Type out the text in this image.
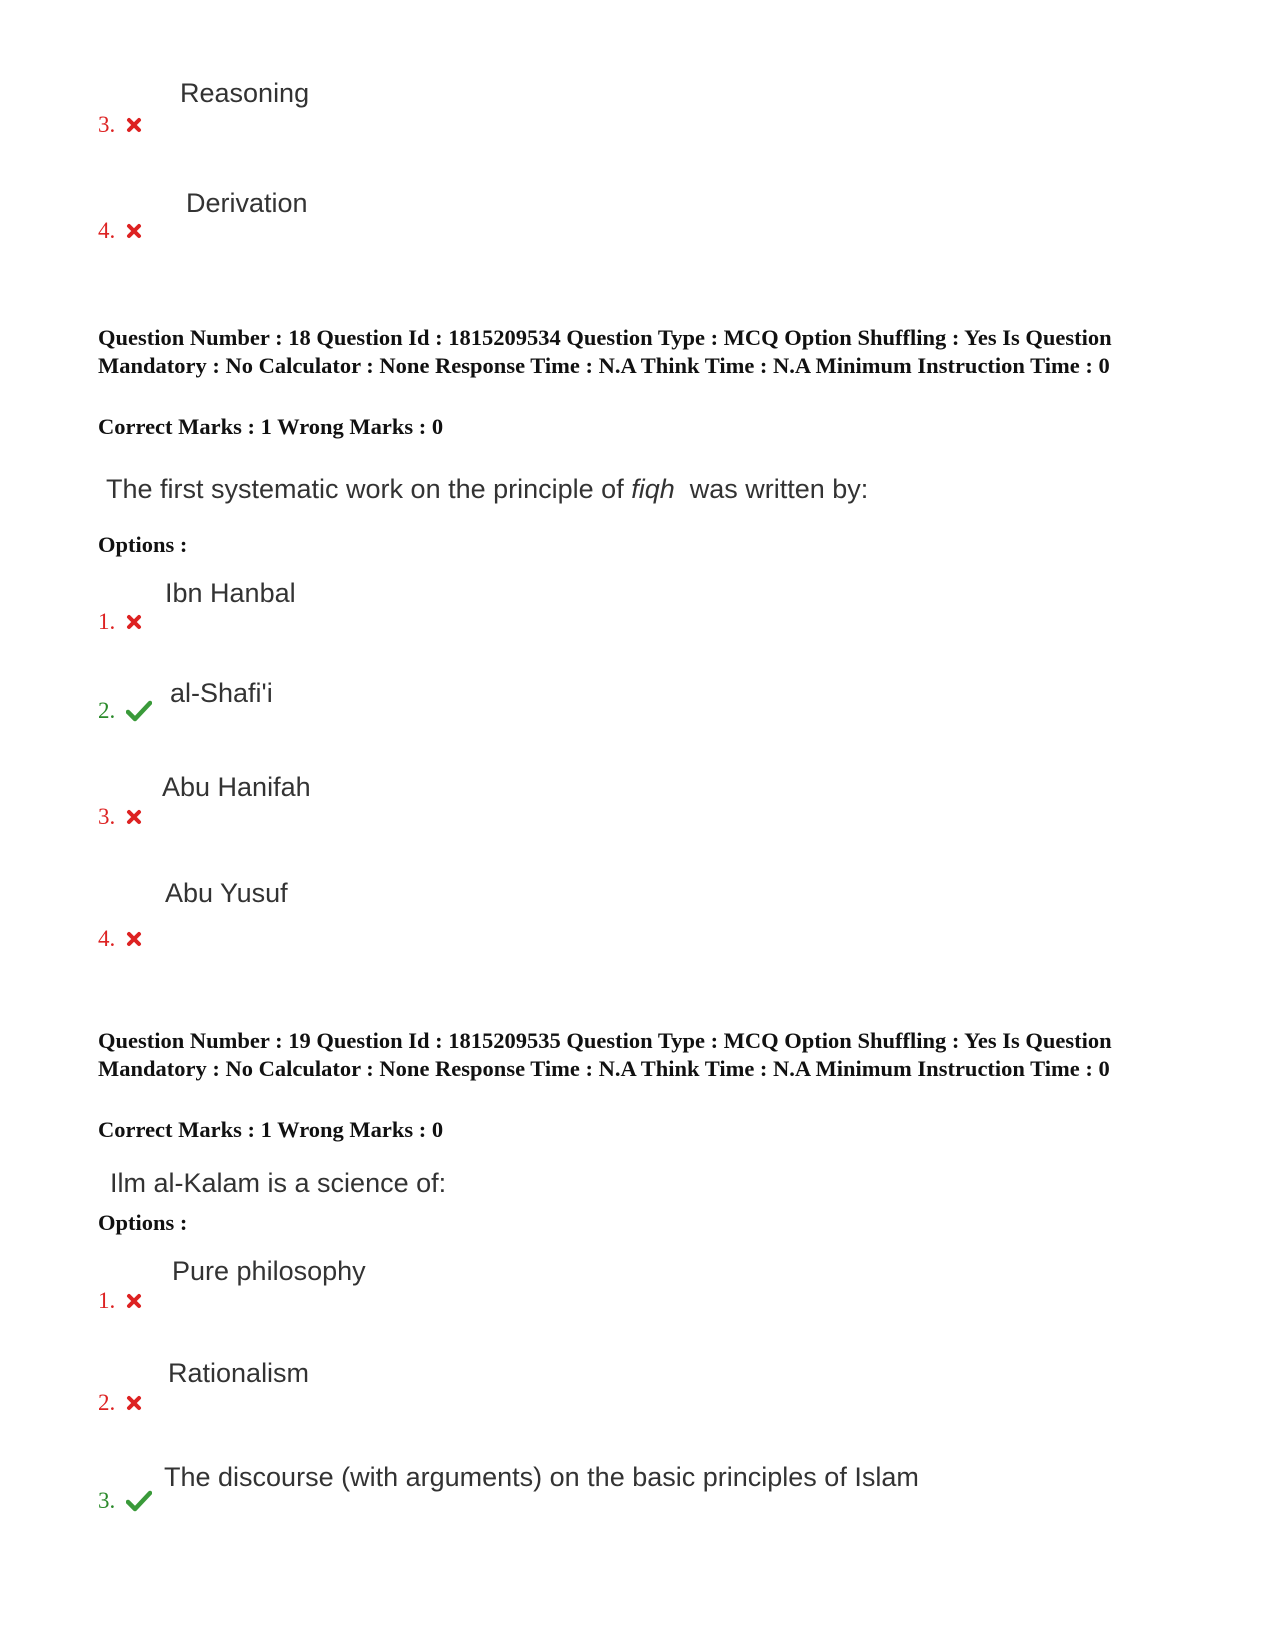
Reasoning
3.
Derivation
4.
Question Number : 18 Question Id : 1815209534 Question Type : MCQ Option Shuffling : Yes Is Question Mandatory : No Calculator : None Response Time : N.A Think Time : N.A Minimum Instruction Time : 0
Correct Marks : 1 Wrong Marks : 0
The first systematic work on the principle of fiqh  was written by:
Options :
Ibn Hanbal
1.
al-Shafi'i
2.
Abu Hanifah
3.
Abu Yusuf
4.
Question Number : 19 Question Id : 1815209535 Question Type : MCQ Option Shuffling : Yes Is Question Mandatory : No Calculator : None Response Time : N.A Think Time : N.A Minimum Instruction Time : 0
Correct Marks : 1 Wrong Marks : 0
Ilm al-Kalam is a science of:
Options :
Pure philosophy
1.
Rationalism
2.
The discourse (with arguments) on the basic principles of Islam
3.
